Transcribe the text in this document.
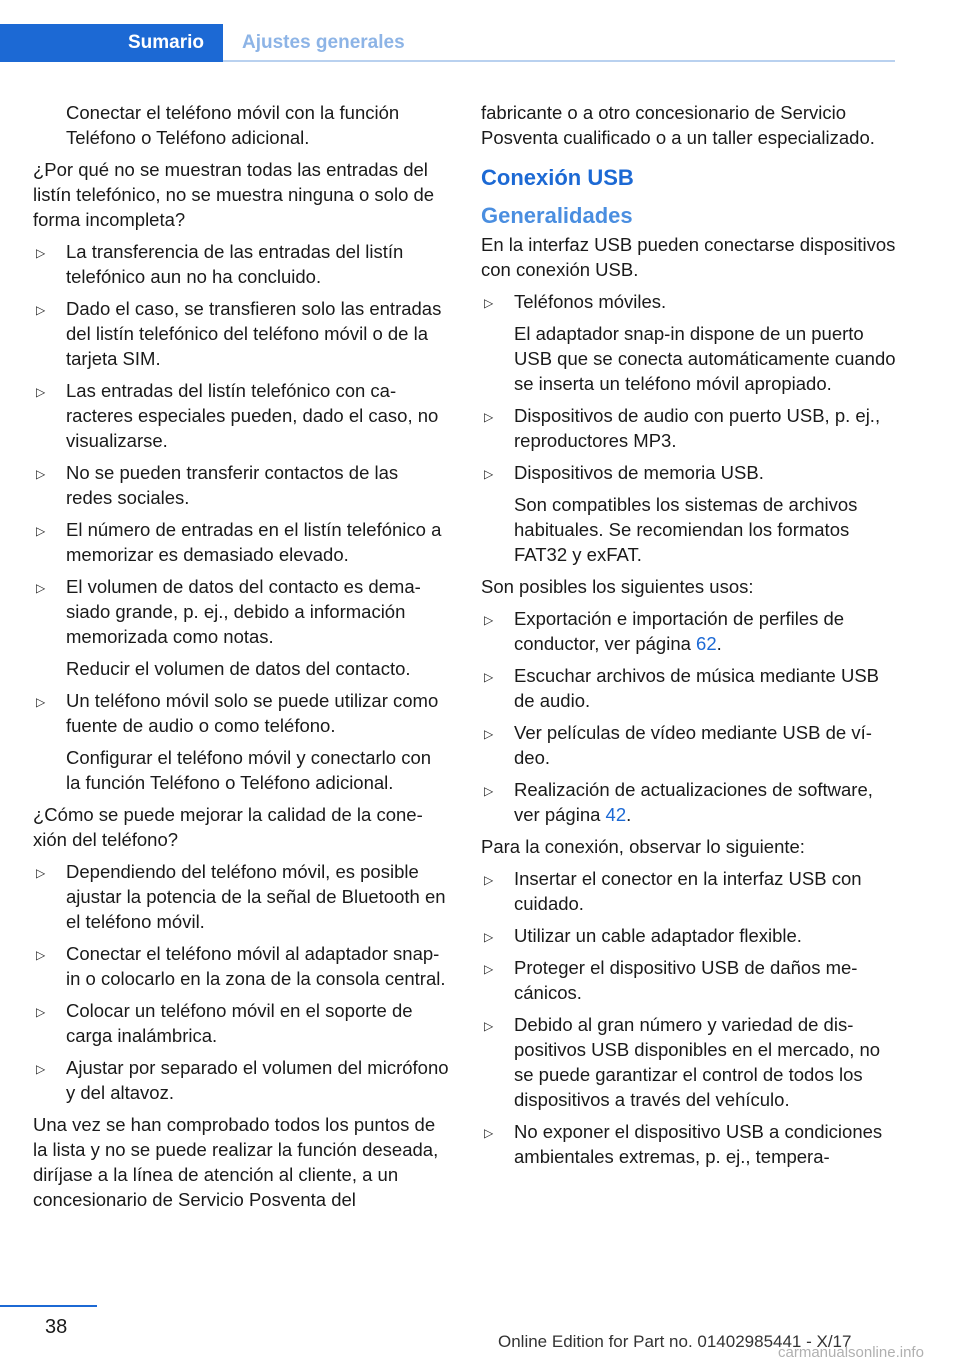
Sumario	Ajustes generales

Conectar el teléfono móvil con la función Teléfono o Teléfono adicional.

¿Por qué no se muestran todas las entradas del listín telefónico, no se muestra ninguna o solo de forma incompleta?

▷ La transferencia de las entradas del listín telefónico aun no ha concluido.
▷ Dado el caso, se transfieren solo las entradas del listín telefónico del teléfono móvil o de la tarjeta SIM.
▷ Las entradas del listín telefónico con caracteres especiales pueden, dado el caso, no visualizarse.
▷ No se pueden transferir contactos de las redes sociales.
▷ El número de entradas en el listín telefónico a memorizar es demasiado elevado.
▷ El volumen de datos del contacto es demasiado grande, p. ej., debido a información memorizada como notas.
Reducir el volumen de datos del contacto.
▷ Un teléfono móvil solo se puede utilizar como fuente de audio o como teléfono.
Configurar el teléfono móvil y conectarlo con la función Teléfono o Teléfono adicional.

¿Cómo se puede mejorar la calidad de la conexión del teléfono?

▷ Dependiendo del teléfono móvil, es posible ajustar la potencia de la señal de Bluetooth en el teléfono móvil.
▷ Conectar el teléfono móvil al adaptador snap-in o colocarlo en la zona de la consola central.
▷ Colocar un teléfono móvil en el soporte de carga inalámbrica.
▷ Ajustar por separado el volumen del micrófono y del altavoz.

Una vez se han comprobado todos los puntos de la lista y no se puede realizar la función deseada, diríjase a la línea de atención al cliente, a un concesionario de Servicio Posventa del

fabricante o a otro concesionario de Servicio Posventa cualificado o a un taller especializado.

Conexión USB
Generalidades

En la interfaz USB pueden conectarse dispositivos con conexión USB.

▷ Teléfonos móviles.
El adaptador snap-in dispone de un puerto USB que se conecta automáticamente cuando se inserta un teléfono móvil apropiado.
▷ Dispositivos de audio con puerto USB, p. ej., reproductores MP3.
▷ Dispositivos de memoria USB.
Son compatibles los sistemas de archivos habituales. Se recomiendan los formatos FAT32 y exFAT.

Son posibles los siguientes usos:

▷ Exportación e importación de perfiles de conductor, ver página 62.
▷ Escuchar archivos de música mediante USB de audio.
▷ Ver películas de vídeo mediante USB de vídeo.
▷ Realización de actualizaciones de software, ver página 42.

Para la conexión, observar lo siguiente:

▷ Insertar el conector en la interfaz USB con cuidado.
▷ Utilizar un cable adaptador flexible.
▷ Proteger el dispositivo USB de daños mecánicos.
▷ Debido al gran número y variedad de dispositivos USB disponibles en el mercado, no se puede garantizar el control de todos los dispositivos a través del vehículo.
▷ No exponer el dispositivo USB a condiciones ambientales extremas, p. ej., tempera-
38
Online Edition for Part no. 01402985441 - X/17
carmanualsonline.info
